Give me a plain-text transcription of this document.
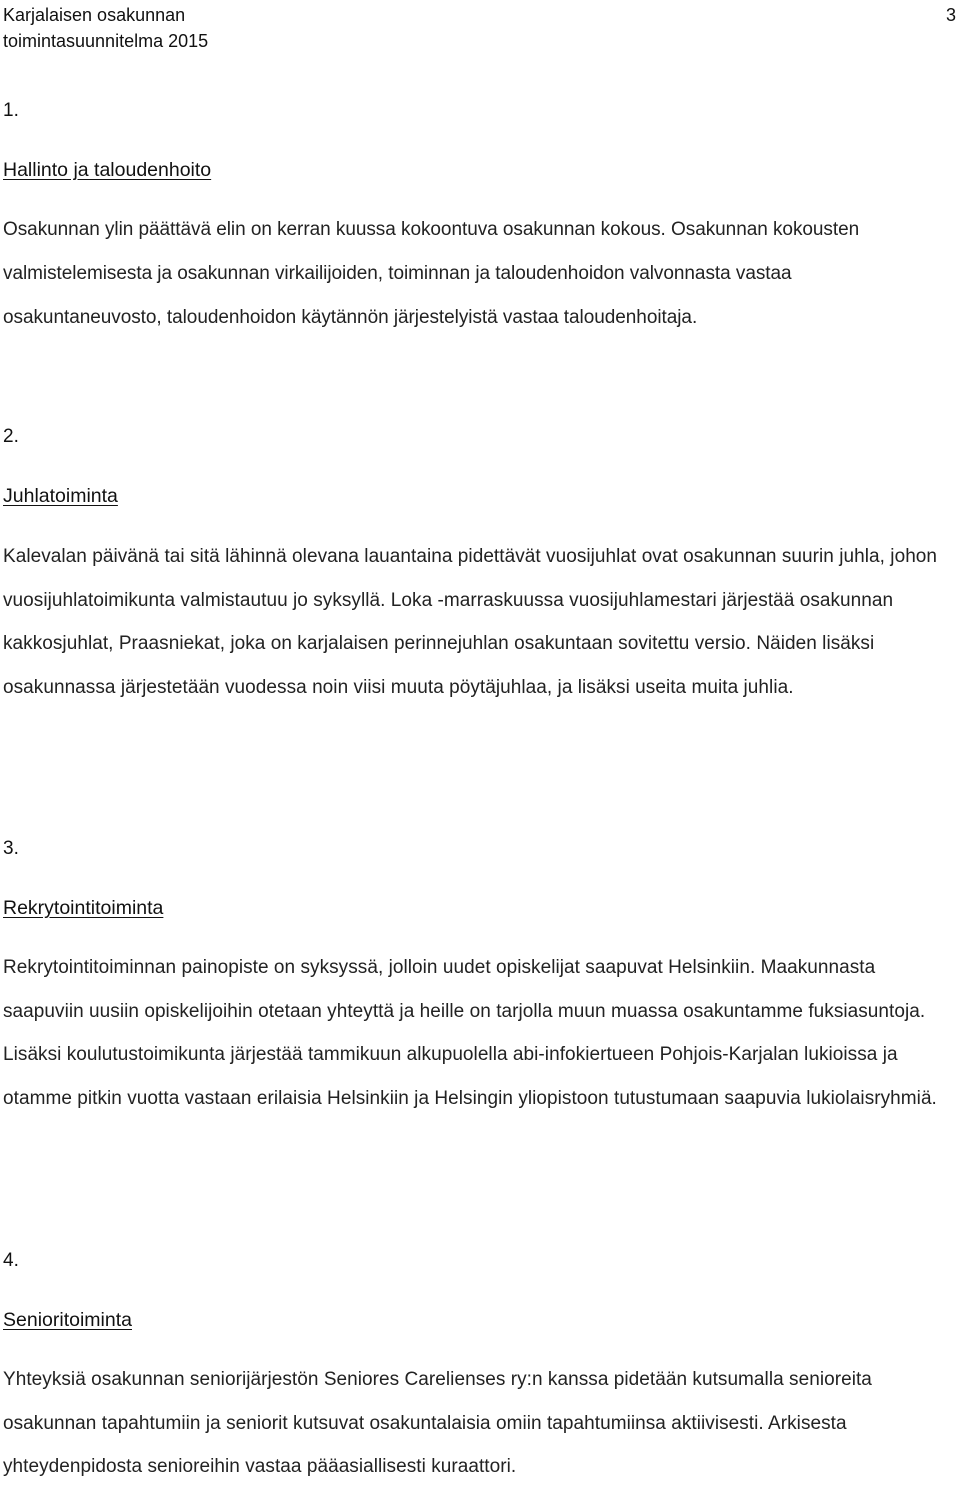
Karjalaisen osakunnan
toimintasuunnitelma 2015
3

1.

Hallinto ja taloudenhoito

Osakunnan ylin päättävä elin on kerran kuussa kokoontuva osakunnan kokous. Osakunnan kokousten valmistelemisesta ja osakunnan virkailijoiden, toiminnan ja taloudenhoidon valvonnasta vastaa osakuntaneuvosto, taloudenhoidon käytännön järjestelyistä vastaa taloudenhoitaja.

2.

Juhlatoiminta

Kalevalan päivänä tai sitä lähinnä olevana lauantaina pidettävät vuosijuhlat ovat osakunnan suurin juhla, johon vuosijuhlatoimikunta valmistautuu jo syksyllä. Loka -marraskuussa vuosijuhlamestari järjestää osakunnan kakkosjuhlat, Praasniekat, joka on karjalaisen perinnejuhlan osakuntaan sovitettu versio. Näiden lisäksi osakunnassa järjestetään vuodessa noin viisi muuta pöytäjuhlaa, ja lisäksi useita muita juhlia.

3.

Rekrytointitoiminta

Rekrytointitoiminnan painopiste on syksyssä, jolloin uudet opiskelijat saapuvat Helsinkiin. Maakunnasta saapuviin uusiin opiskelijoihin otetaan yhteyttä ja heille on tarjolla muun muassa osakuntamme fuksiasuntoja. Lisäksi koulutustoimikunta järjestää tammikuun alkupuolella abi-infokiertueen Pohjois-Karjalan lukioissa ja otamme pitkin vuotta vastaan erilaisia Helsinkiin ja Helsingin yliopistoon tutustumaan saapuvia lukiolaisryhmiä.

4.

Senioritoiminta

Yhteyksiä osakunnan seniorijärjestön Seniores Carelienses ry:n kanssa pidetään kutsumalla senioreita osakunnan tapahtumiin ja seniorit kutsuvat osakuntalaisia omiin tapahtumiinsa aktiivisesti. Arkisesta yhteydenpidosta senioreihin vastaa pääasiallisesti kuraattori.
